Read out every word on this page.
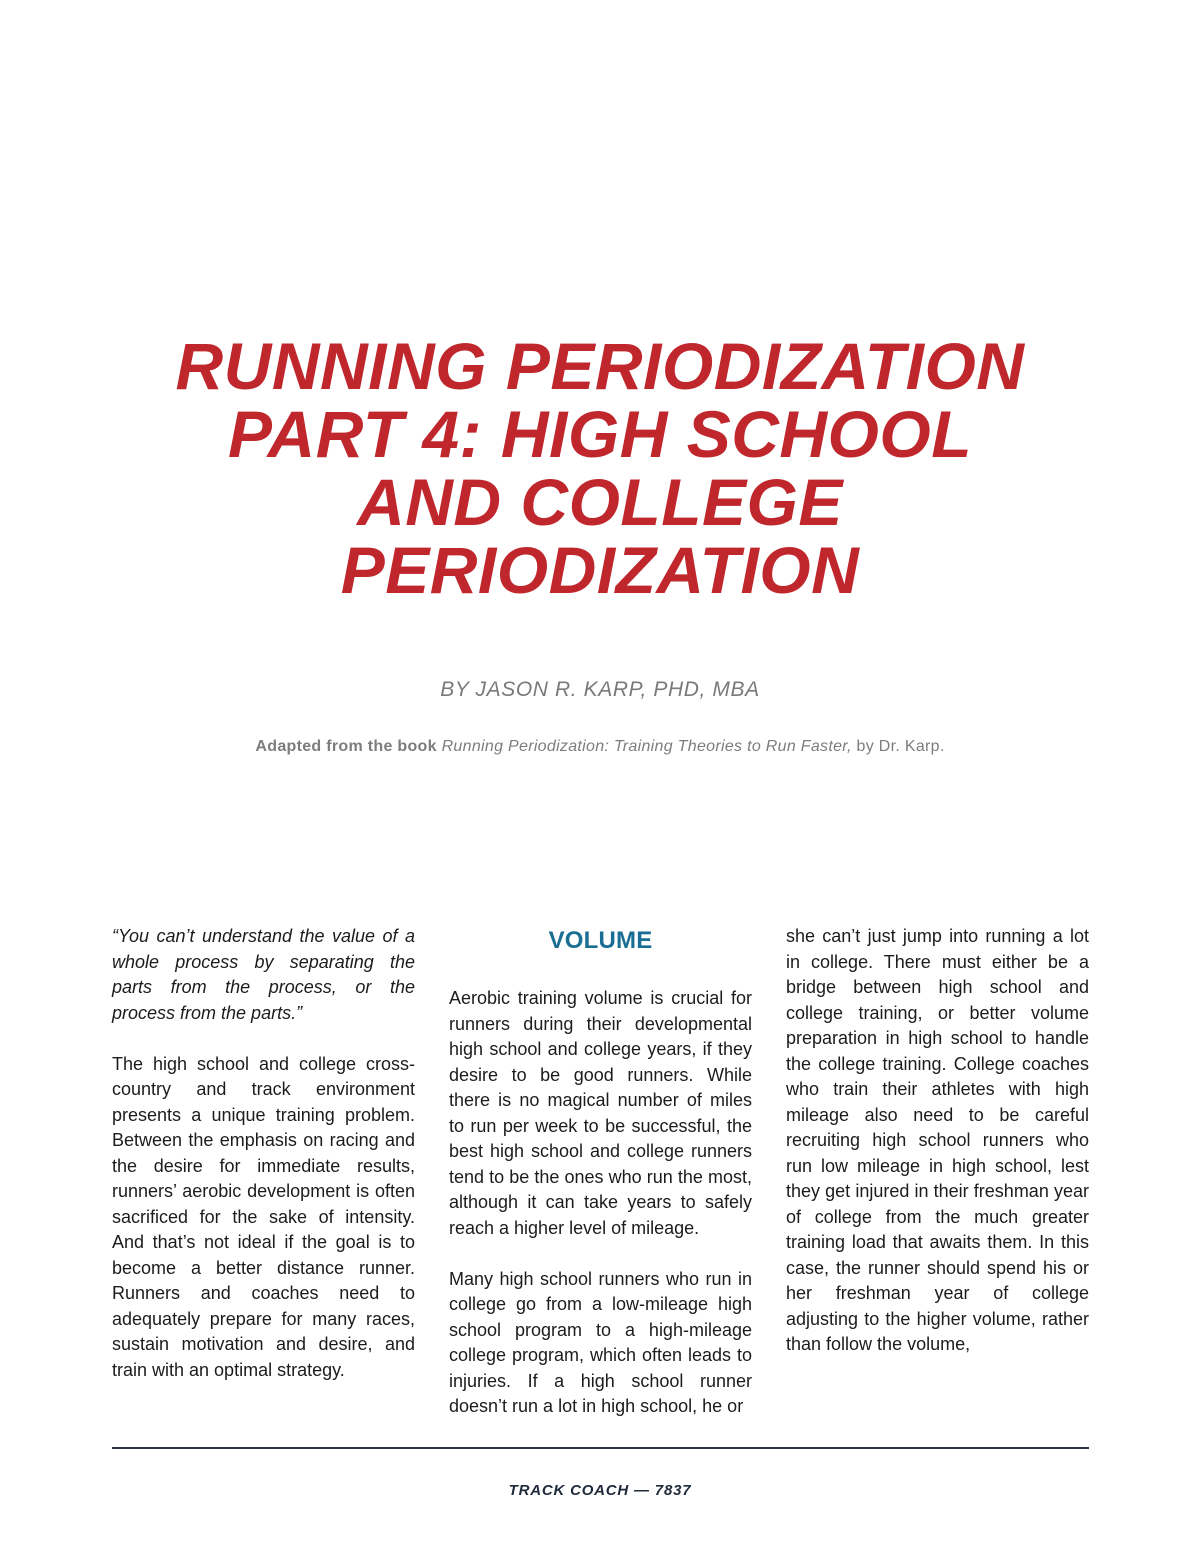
RUNNING PERIODIZATION
PART 4: HIGH SCHOOL
AND COLLEGE
PERIODIZATION
BY JASON R. KARP, PHD, MBA
Adapted from the book Running Periodization: Training Theories to Run Faster, by Dr. Karp.

“You can’t understand the value of a whole process by separating the parts from the process, or the process from the parts.”

The high school and college cross-country and track environment presents a unique training problem. Between the emphasis on racing and the desire for immediate results, runners’ aerobic development is often sacrificed for the sake of intensity. And that’s not ideal if the goal is to become a better distance runner. Runners and coaches need to adequately prepare for many races, sustain motivation and desire, and train with an optimal strategy.

VOLUME

Aerobic training volume is crucial for runners during their developmental high school and college years, if they desire to be good runners. While there is no magical number of miles to run per week to be successful, the best high school and college runners tend to be the ones who run the most, although it can take years to safely reach a higher level of mileage.

Many high school runners who run in college go from a low-mileage high school program to a high-mileage college program, which often leads to injuries. If a high school runner doesn’t run a lot in high school, he or

she can’t just jump into running a lot in college. There must either be a bridge between high school and college training, or better volume preparation in high school to handle the college training. College coaches who train their athletes with high mileage also need to be careful recruiting high school runners who run low mileage in high school, lest they get injured in their freshman year of college from the much greater training load that awaits them. In this case, the runner should spend his or her freshman year of college adjusting to the higher volume, rather than follow the volume,

TRACK COACH — 7837
